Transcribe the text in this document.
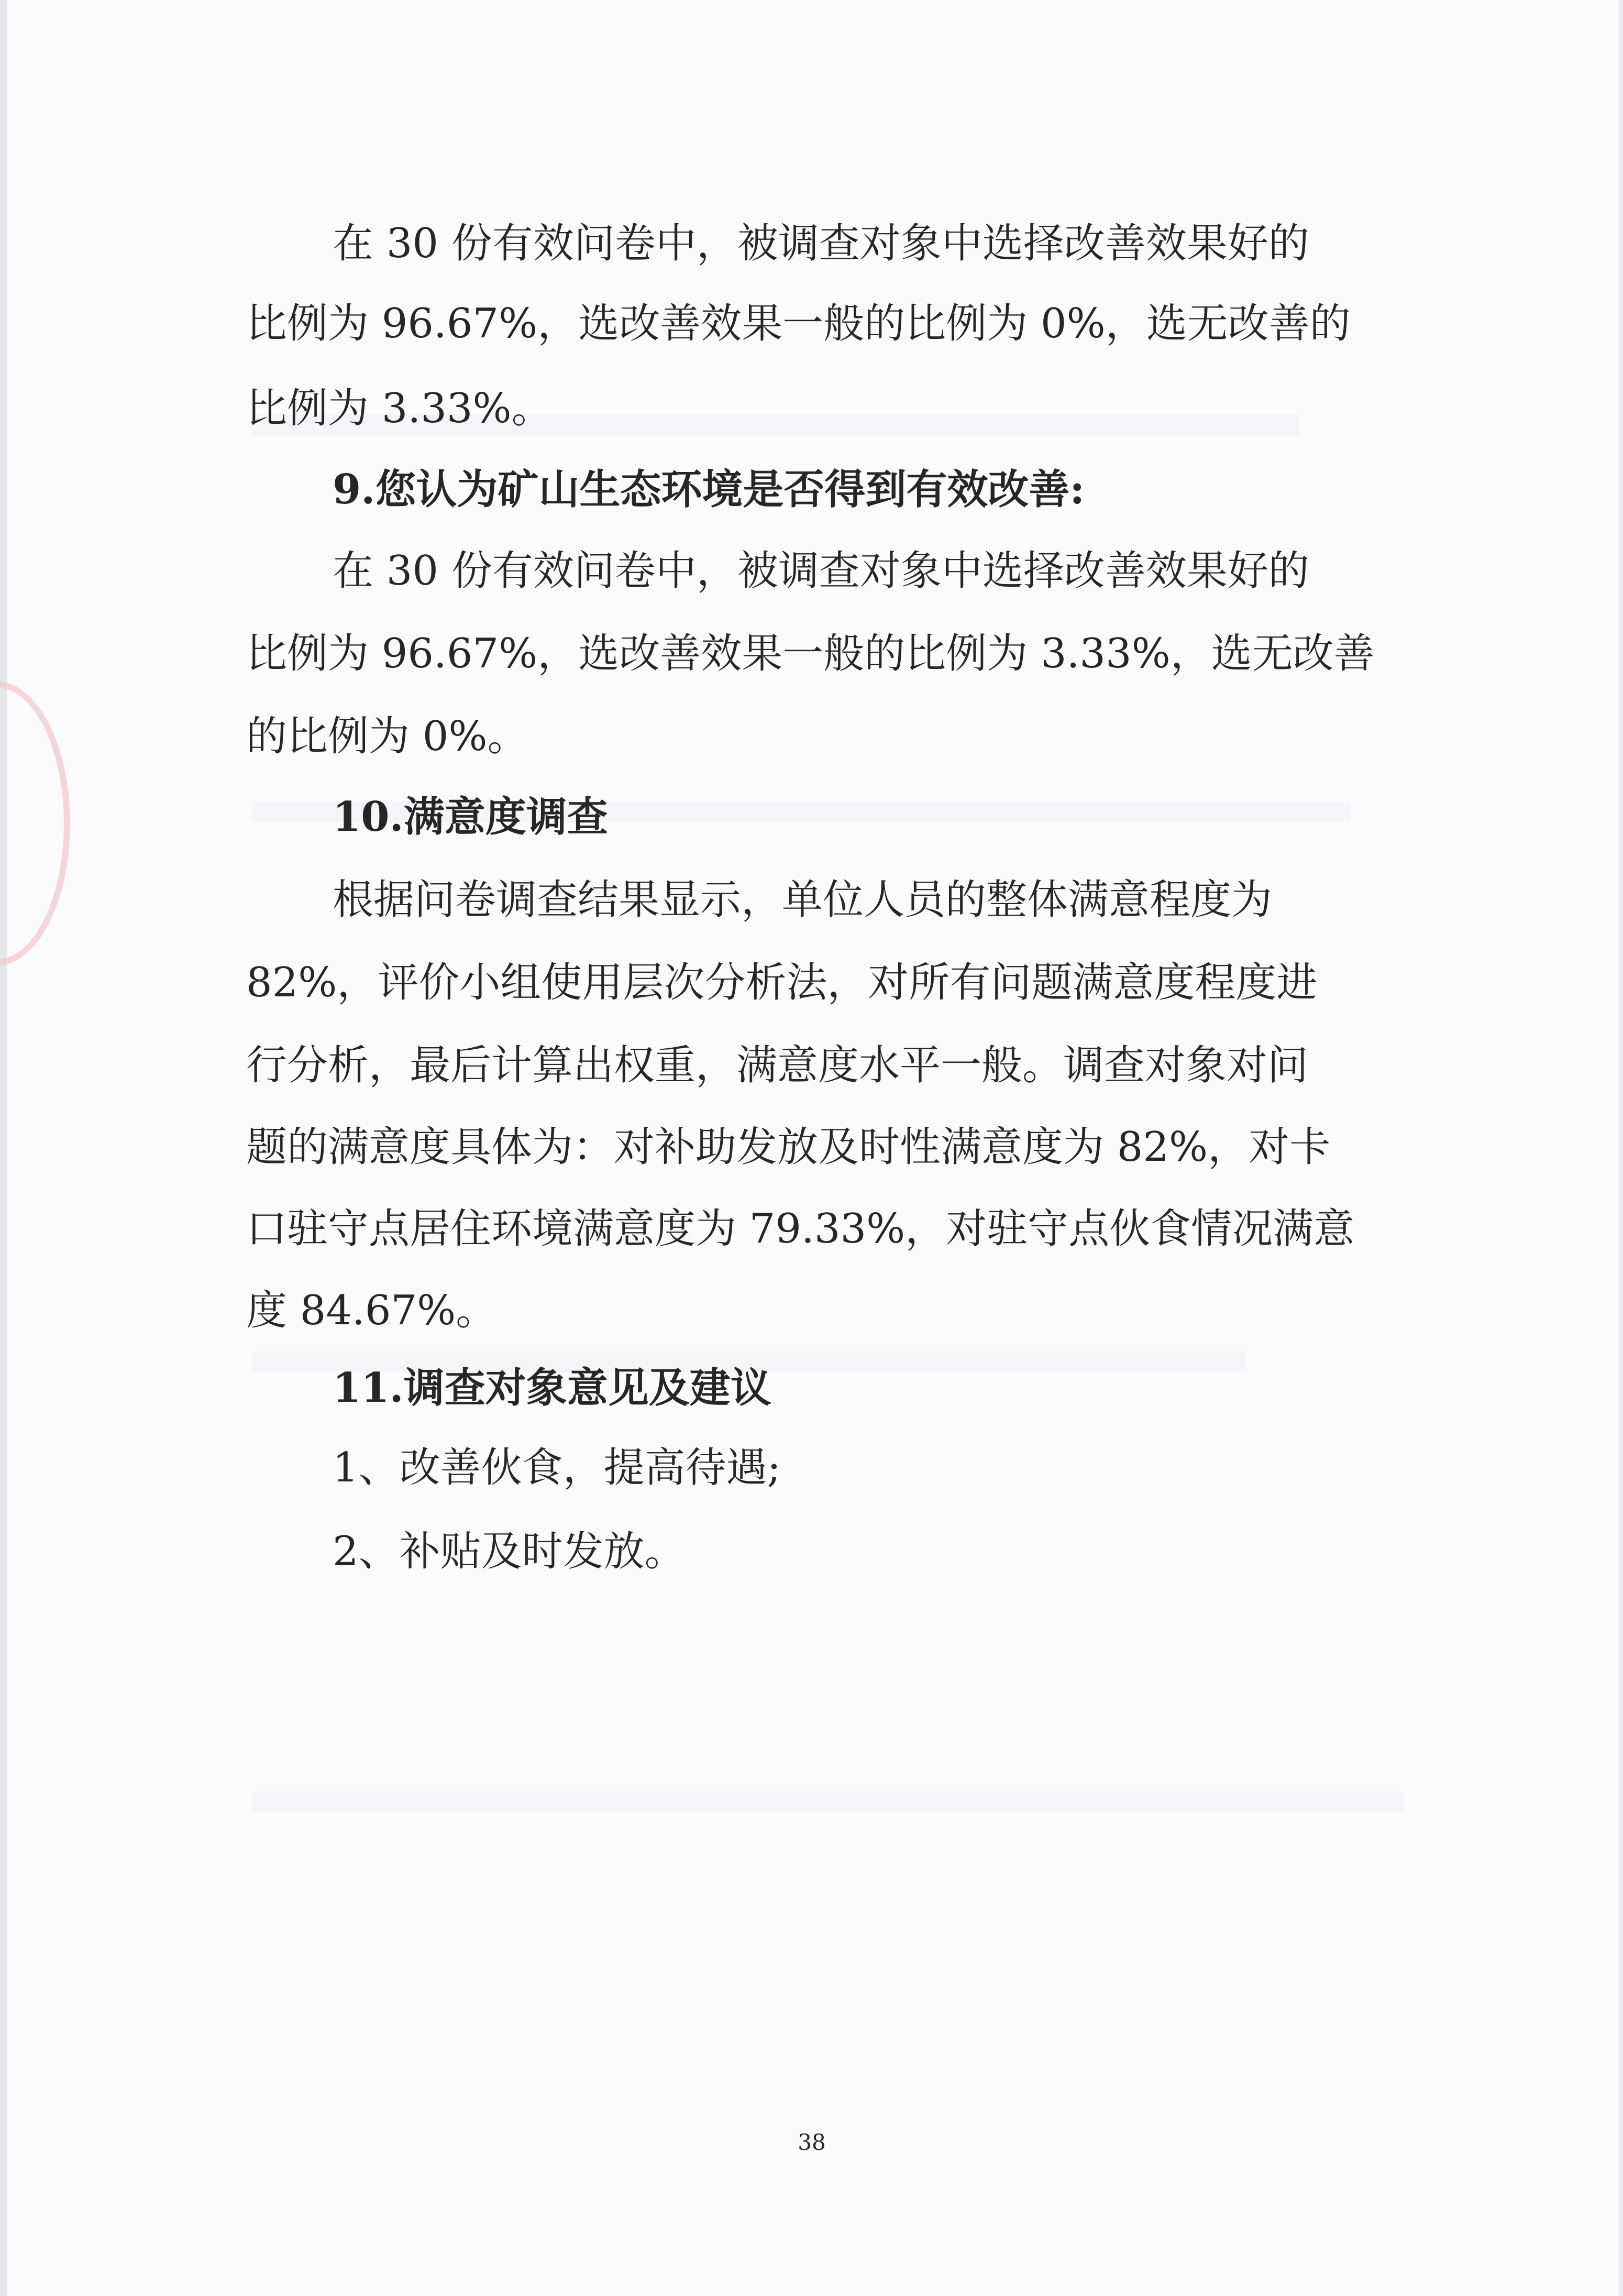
在 30 份有效问卷中，被调查对象中选择改善效果好的
比例为 96.67%，选改善效果一般的比例为 0%，选无改善的
比例为 3.33%。
9.您认为矿山生态环境是否得到有效改善:
在 30 份有效问卷中，被调查对象中选择改善效果好的
比例为 96.67%，选改善效果一般的比例为 3.33%，选无改善
的比例为 0%。
10.满意度调查
根据问卷调查结果显示，单位人员的整体满意程度为
82%，评价小组使用层次分析法，对所有问题满意度程度进
行分析，最后计算出权重，满意度水平一般。调查对象对问
题的满意度具体为：对补助发放及时性满意度为 82%，对卡
口驻守点居住环境满意度为 79.33%，对驻守点伙食情况满意
度 84.67%。
11.调查对象意见及建议
1、改善伙食，提高待遇;
2、补贴及时发放。
38
